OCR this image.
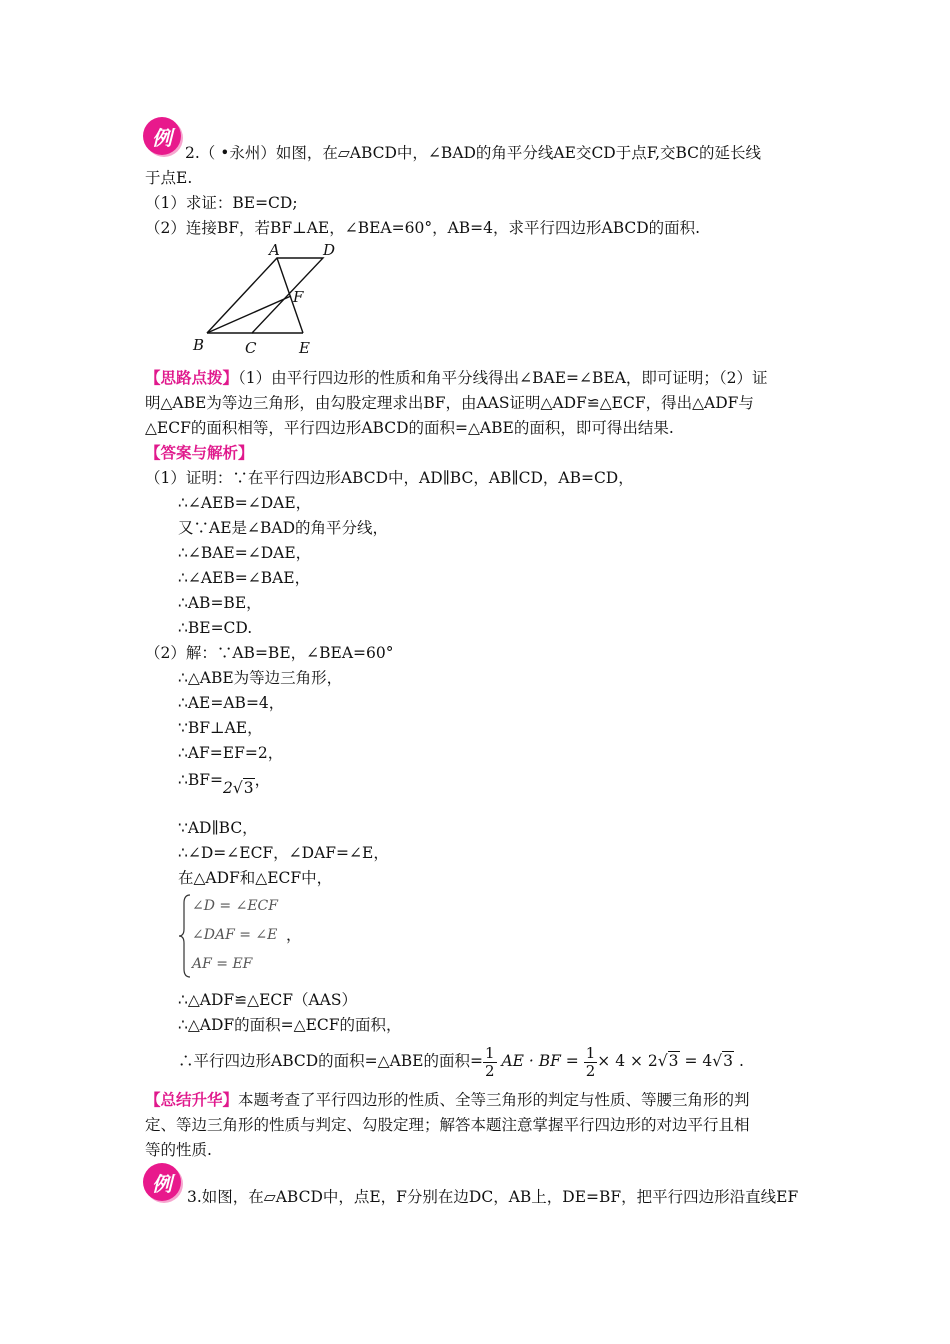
例
2.（ •永州）如图，在▱ABCD中，∠BAD的角平分线AE交CD于点F,交BC的延长线
于点E.
（1）求证：BE=CD;
（2）连接BF，若BF⊥AE，∠BEA=60°，AB=4，求平行四边形ABCD的面积.
A	D
F
B	C	E
【思路点拨】（1）由平行四边形的性质和角平分线得出∠BAE=∠BEA，即可证明；（2）证
明△ABE为等边三角形，由勾股定理求出BF，由AAS证明△ADF≌△ECF，得出△ADF与
△ECF的面积相等，平行四边形ABCD的面积=△ABE的面积，即可得出结果.
【答案与解析】
（1）证明：∵在平行四边形ABCD中，AD∥BC，AB∥CD，AB=CD，
∴∠AEB=∠DAE，
又∵AE是∠BAD的角平分线，
∴∠BAE=∠DAE，
∴∠AEB=∠BAE，
∴AB=BE，
∴BE=CD.
（2）解：∵AB=BE，∠BEA=60°
∴△ABE为等边三角形，
∴AE=AB=4，
∵BF⊥AE，
∴AF=EF=2，
∴BF=2√3，
∵AD∥BC，
∴∠D=∠ECF，∠DAF=∠E，
在△ADF和△ECF中，
∠D = ∠ECF
∠DAF = ∠E
AF = EF
，
∴△ADF≌△ECF（AAS）
∴△ADF的面积=△ECF的面积，
∴平行四边形ABCD的面积=△ABE的面积= $\frac{1}{2}$ AE · BF = $\frac{1}{2} \times 4 \times 2√3 = 4√3$ .
【总结升华】本题考查了平行四边形的性质、全等三角形的判定与性质、等腰三角形的判
定、等边三角形的性质与判定、勾股定理；解答本题注意掌握平行四边形的对边平行且相
等的性质.
例
3.如图，在▱ABCD中，点E，F分别在边DC，AB上，DE=BF，把平行四边形沿直线EF
